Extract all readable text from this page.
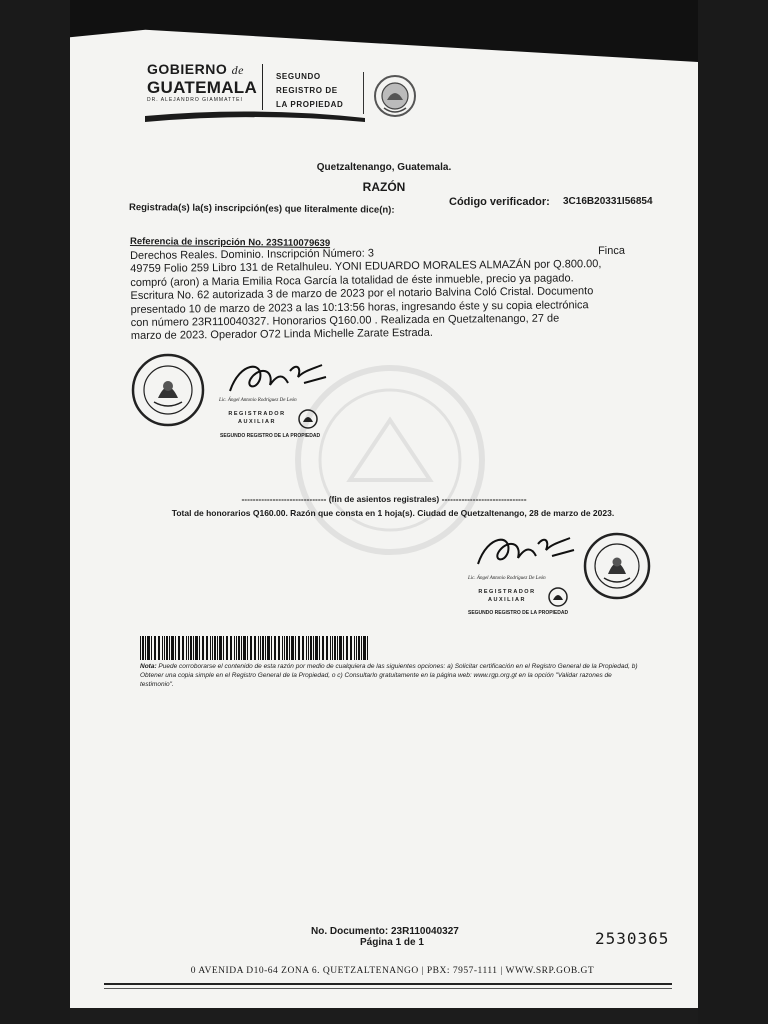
GOBIERNO de
GUATEMALA
DR. ALEJANDRO GIAMMATTEI
SEGUNDO
REGISTRO DE
LA PROPIEDAD
Quetzaltenango, Guatemala.
RAZÓN
Código verificador: 3C16B20331I56854
Registrada(s) la(s) inscripción(es) que literalmente dice(n):
Referencia de inscripción No. 23S110079639
Derechos Reales. Dominio. Inscripción Número: 3	Finca
49759 Folio 259 Libro 131 de Retalhuleu. YONI EDUARDO MORALES ALMAZÁN por Q.800.00,
compró (aron) a Maria Emilia Roca García la totalidad de éste inmueble, precio ya pagado.
Escritura No. 62 autorizada 3 de marzo de 2023 por el notario Balvina Coló Cristal. Documento
presentado 10 de marzo de 2023 a las 10:13:56 horas, ingresando éste y su copia electrónica
con número 23R110040327. Honorarios Q160.00 . Realizada en Quetzaltenango, 27 de
marzo de 2023. Operador O72 Linda Michelle Zarate Estrada.
Lic. Ángel Antonio Rodríguez De León
REGISTRADOR
AUXILIAR
SEGUNDO REGISTRO DE LA PROPIEDAD
------------------------------ (fin de asientos registrales) ------------------------------
Total de honorarios Q160.00. Razón que consta en 1 hoja(s). Ciudad de Quetzaltenango, 28 de marzo de 2023.
Lic. Ángel Antonio Rodríguez De León
REGISTRADOR
AUXILIAR
SEGUNDO REGISTRO DE LA PROPIEDAD
Nota: Puede corroborarse el contenido de esta razón por medio de cualquiera de las siguientes opciones: a) Solicitar certificación en el Registro General de la Propiedad, b) Obtener una copia simple en el Registro General de la Propiedad, o c) Consultarlo gratuitamente en la página web: www.rgp.org.gt en la opción "Validar razones de testimonio".
No. Documento: 23R110040327
Página 1 de 1	2530365
0 AVENIDA D10-64 ZONA 6. QUETZALTENANGO | PBX: 7957-1111 | WWW.SRP.GOB.GT
